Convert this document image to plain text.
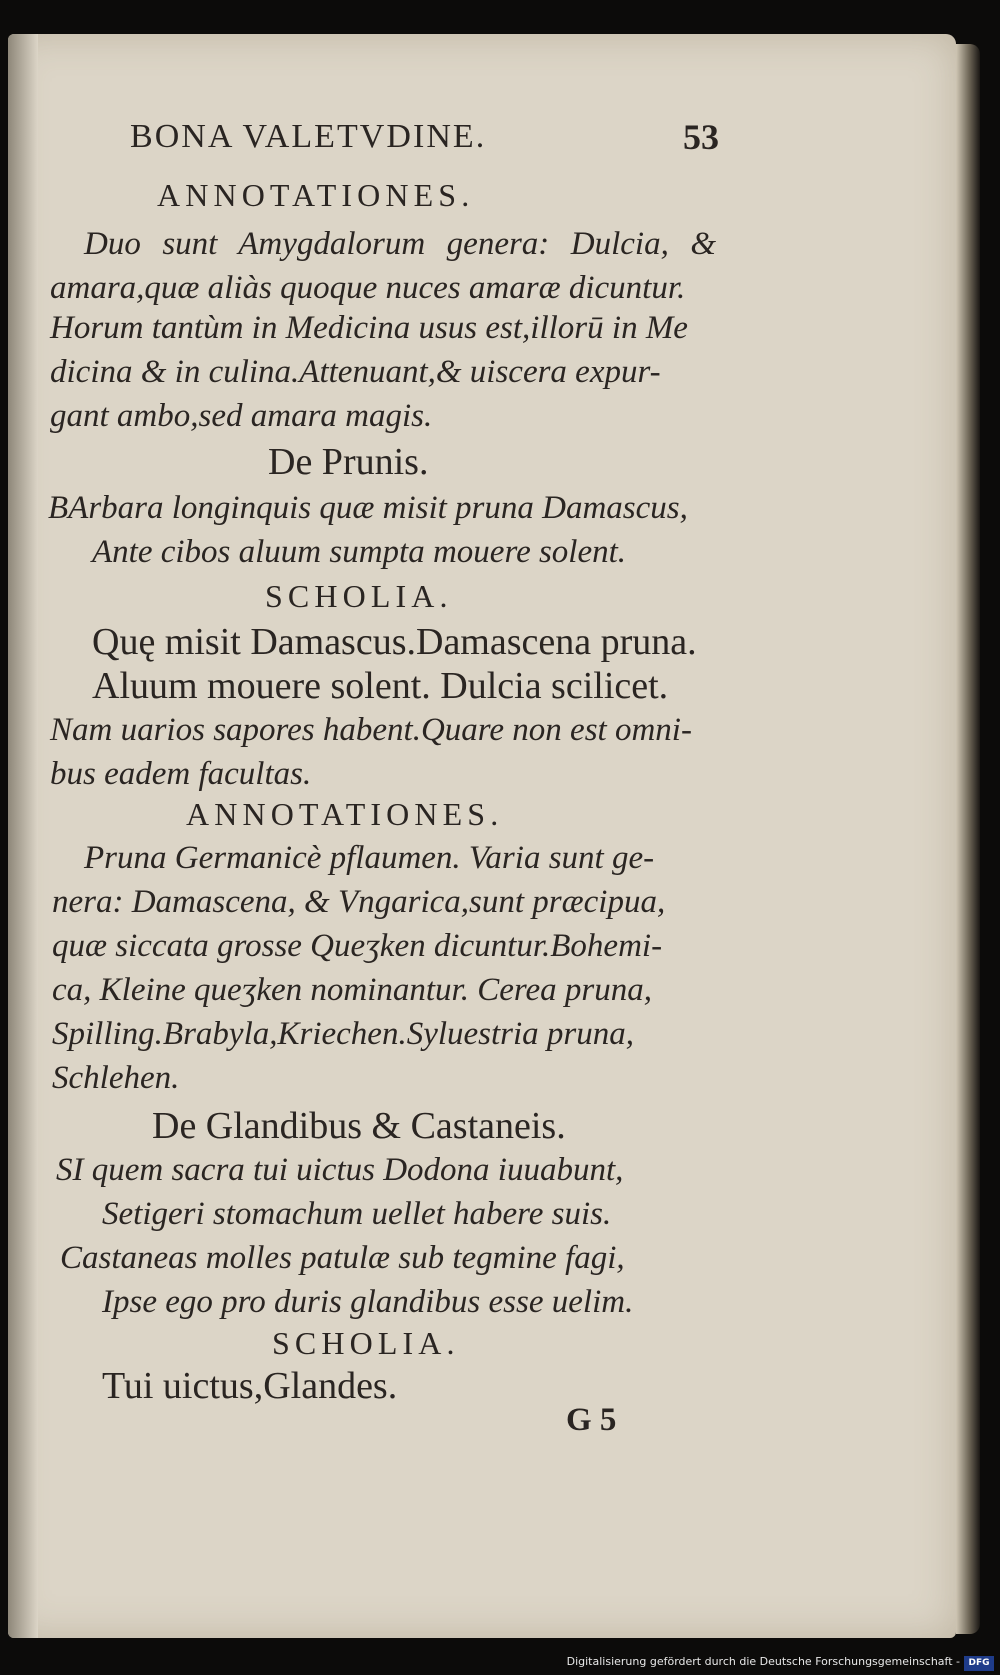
BONA VALETVDINE.	53
ANNOTATIONES.
Duo sunt Amygdalorum genera: Dulcia, & amara,quæ aliàs quoque nuces amaræ dicuntur.
Horum tantùm in Medicina usus est,illorū in Me
dicina & in culina.Attenuant,& uiscera expur-
gant ambo,sed amara magis.
De Prunis.
BArbara longinquis quæ misit pruna Damascus,
Ante cibos aluum sumpta mouere solent.
SCHOLIA.
Quę misit Damascus.Damascena pruna.
Aluum mouere solent. Dulcia scilicet.
Nam uarios sapores habent.Quare non est omni-
bus eadem facultas.
ANNOTATIONES.
Pruna Germanicè pflaumen. Varia sunt ge-
nera: Damascena, & Vngarica,sunt præcipua,
quæ siccata grosse Queʒken dicuntur.Bohemi-
ca, Kleine queʒken nominantur. Cerea pruna,
Spilling.Brabyla,Kriechen.Syluestria pruna,
Schlehen.
De Glandibus & Castaneis.
SI quem sacra tui uictus Dodona iuuabunt,
Setigeri stomachum uellet habere suis.
Castaneas molles patulæ sub tegmine fagi,
Ipse ego pro duris glandibus esse uelim.
SCHOLIA.
Tui uictus,Glandes.
G 5
Digitalisierung gefördert durch die Deutsche Forschungsgemeinschaft - DFG
